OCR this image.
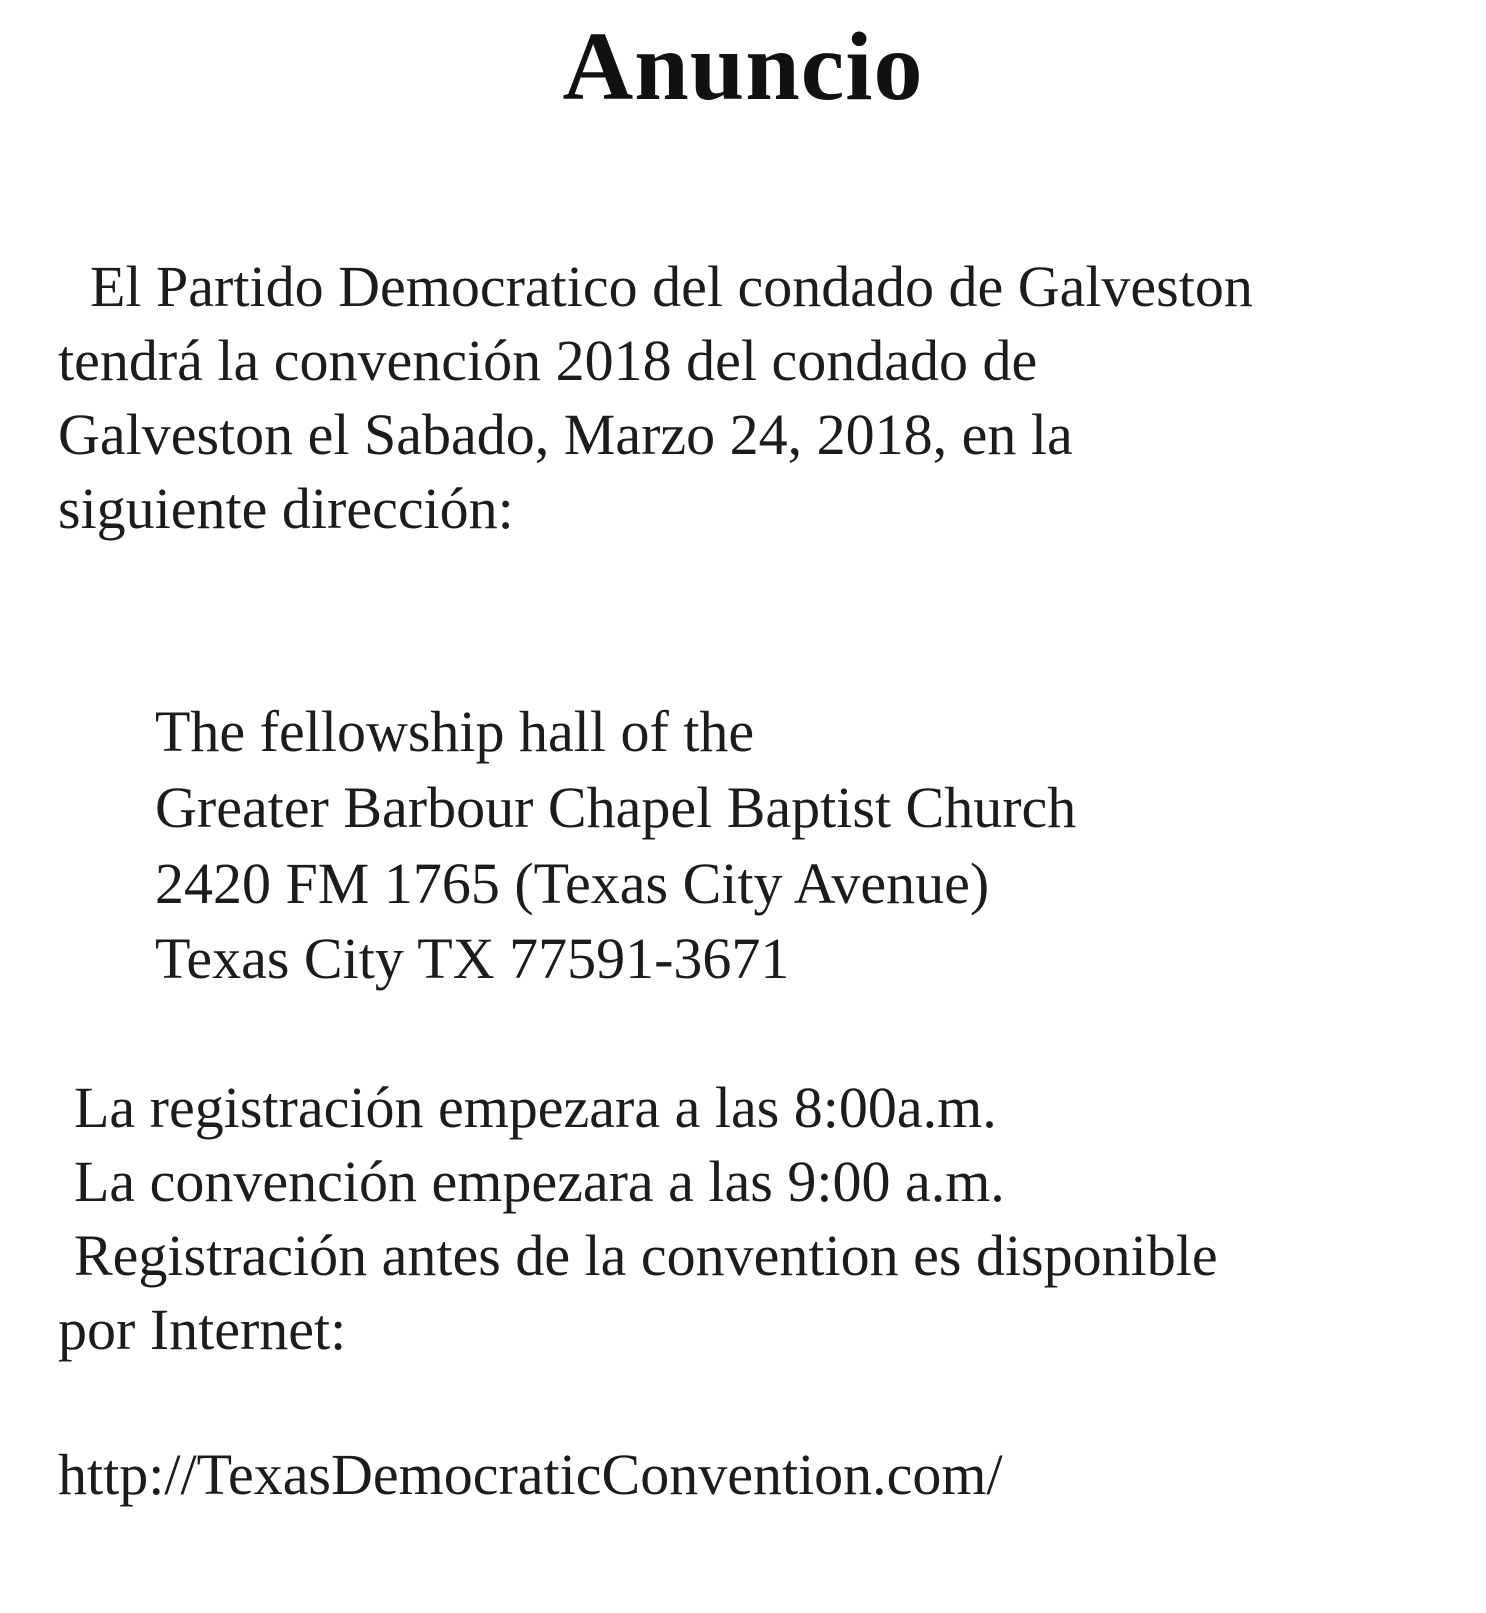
Anuncio
El Partido Democratico del condado de Galveston
tendrá la convención 2018 del condado de
Galveston el Sabado, Marzo 24, 2018, en la
siguiente dirección:
The fellowship hall of the
Greater Barbour Chapel Baptist Church
2420 FM 1765 (Texas City Avenue)
Texas City TX 77591-3671
La registración empezara a las 8:00a.m.
La convención empezara a las 9:00 a.m.
Registración antes de la convention es disponible
por Internet:
http://TexasDemocraticConvention.com/
